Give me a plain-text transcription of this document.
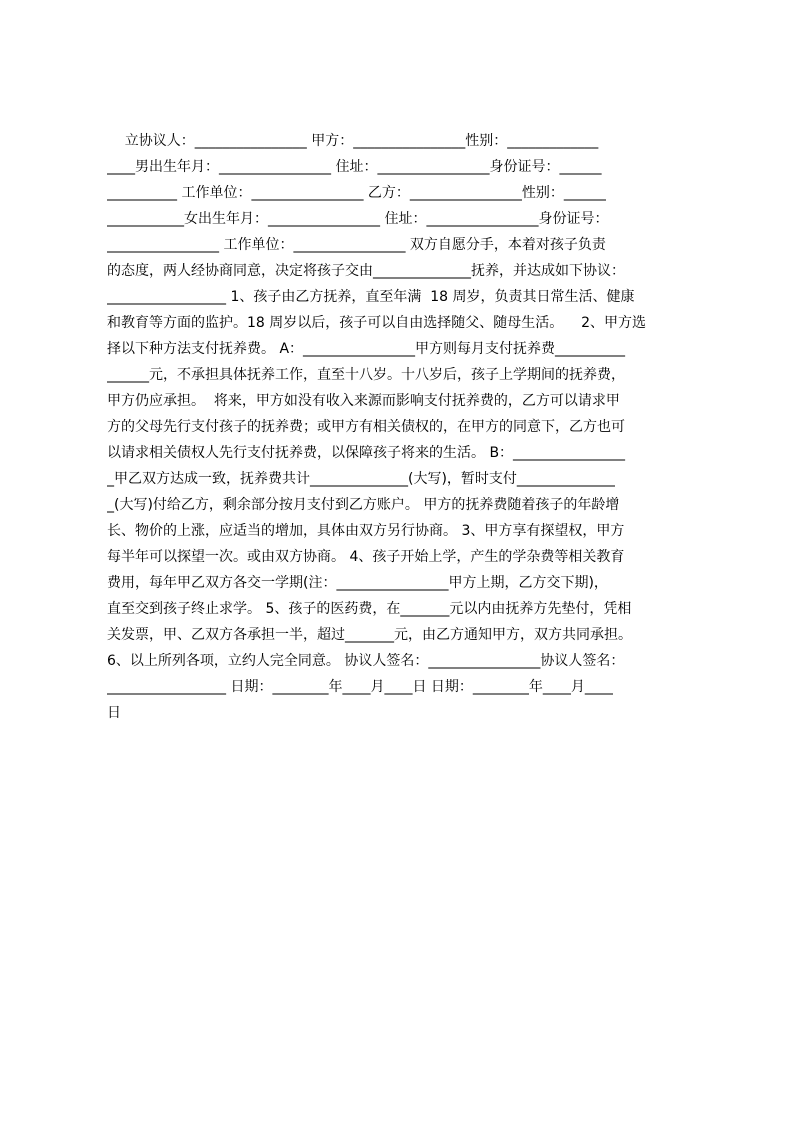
立协议人：________________ 甲方：________________性别：_____________
____男出生年月：________________ 住址：________________身份证号：______
__________ 工作单位：________________ 乙方：________________性别：______
___________女出生年月：________________ 住址：________________身份证号：
________________ 工作单位：________________ 双方自愿分手，本着对孩子负责
的态度，两人经协商同意，决定将孩子交由______________抚养，并达成如下协议：
_________________ 1、孩子由乙方抚养，直至年满  18 周岁，负责其日常生活、健康
和教育等方面的监护。18 周岁以后，孩子可以自由选择随父、随母生活。    2、甲方选
择以下种方法支付抚养费。 A：________________甲方则每月支付抚养费__________
______元，不承担具体抚养工作，直至十八岁。十八岁后，孩子上学期间的抚养费，
甲方仍应承担。  将来，甲方如没有收入来源而影响支付抚养费的，乙方可以请求甲
方的父母先行支付孩子的抚养费；或甲方有相关债权的，在甲方的同意下，乙方也可
以请求相关债权人先行支付抚养费，以保障孩子将来的生活。 B：________________
_甲乙双方达成一致，抚养费共计______________(大写)，暂时支付______________
_(大写)付给乙方，剩余部分按月支付到乙方账户。 甲方的抚养费随着孩子的年龄增
长、物价的上涨，应适当的增加，具体由双方另行协商。 3、甲方享有探望权，甲方
每半年可以探望一次。或由双方协商。 4、孩子开始上学，产生的学杂费等相关教育
费用，每年甲乙双方各交一学期(注：________________甲方上期，乙方交下期)，
直至交到孩子终止求学。 5、孩子的医药费，在_______元以内由抚养方先垫付，凭相
关发票，甲、乙双方各承担一半，超过_______元，由乙方通知甲方，双方共同承担。
6、以上所列各项，立约人完全同意。 协议人签名：________________协议人签名：
_________________ 日期：________年____月____日 日期：________年____月____
日
